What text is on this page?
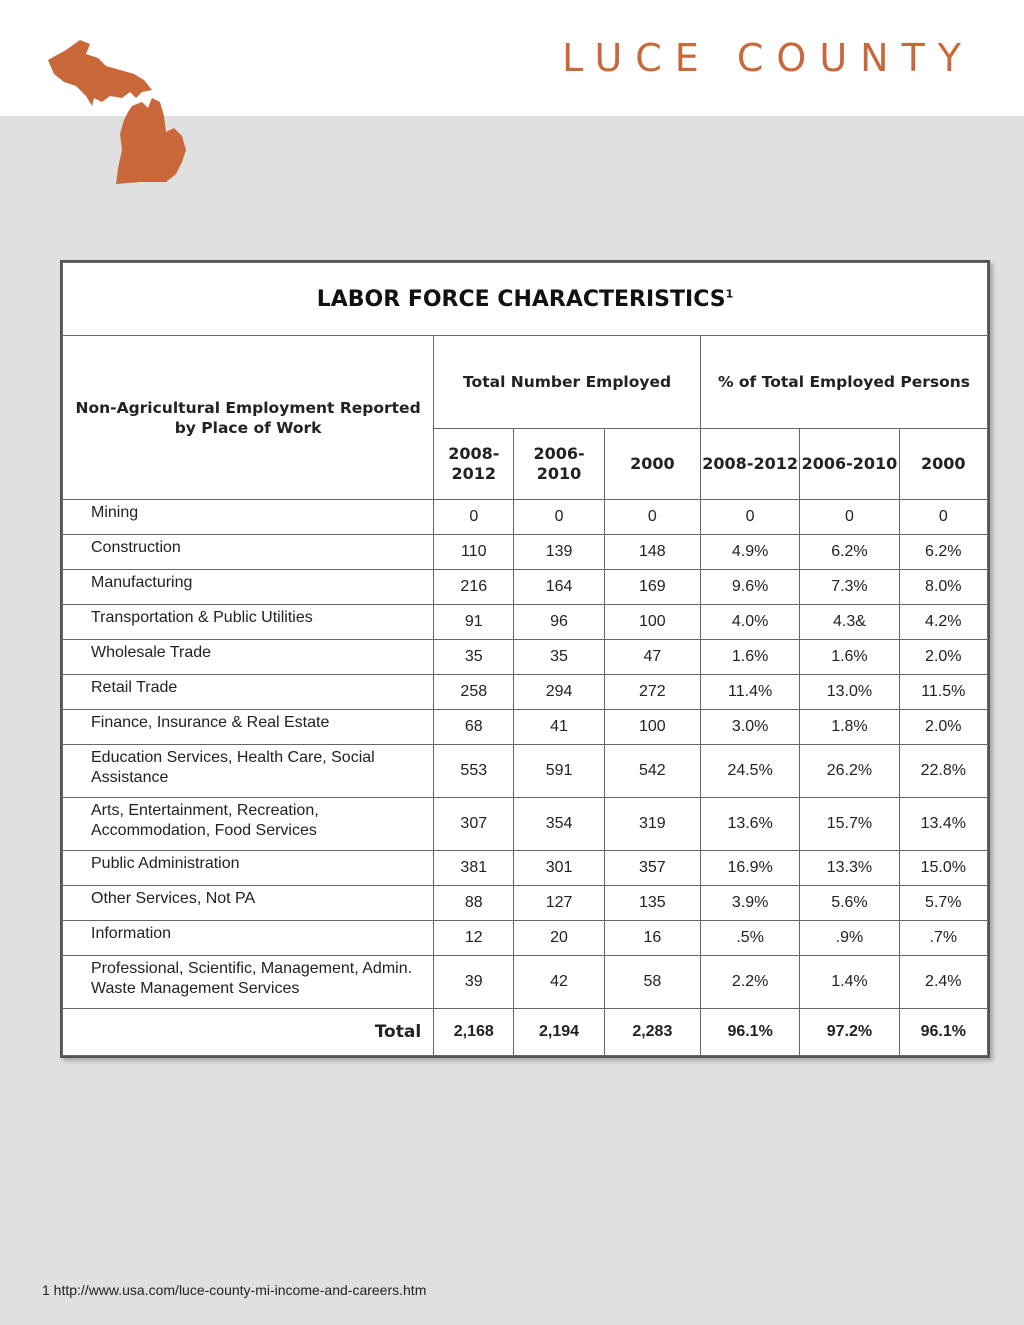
LUCE COUNTY
LABOR FORCE CHARACTERISTICS$^1$
Non-Agricultural Employment Reported by Place of Work	Total Number Employed			% of Total Employed Persons		
	2008-2012	2006-2010	2000	2008-2012	2006-2010	2000
Mining	0	0	0	0	0	0
Construction	110	139	148	4.9%	6.2%	6.2%
Manufacturing	216	164	169	9.6%	7.3%	8.0%
Transportation & Public Utilities	91	96	100	4.0%	4.3&	4.2%
Wholesale Trade	35	35	47	1.6%	1.6%	2.0%
Retail Trade	258	294	272	11.4%	13.0%	11.5%
Finance, Insurance & Real Estate	68	41	100	3.0%	1.8%	2.0%
Education Services, Health Care, Social Assistance	553	591	542	24.5%	26.2%	22.8%
Arts, Entertainment, Recreation, Accommodation, Food Services	307	354	319	13.6%	15.7%	13.4%
Public Administration	381	301	357	16.9%	13.3%	15.0%
Other Services, Not PA	88	127	135	3.9%	5.6%	5.7%
Information	12	20	16	.5%	.9%	.7%
Professional, Scientific, Management, Admin. Waste Management Services	39	42	58	2.2%	1.4%	2.4%
Total	2,168	2,194	2,283	96.1%	97.2%	96.1%
1 http://www.usa.com/luce-county-mi-income-and-careers.htm
